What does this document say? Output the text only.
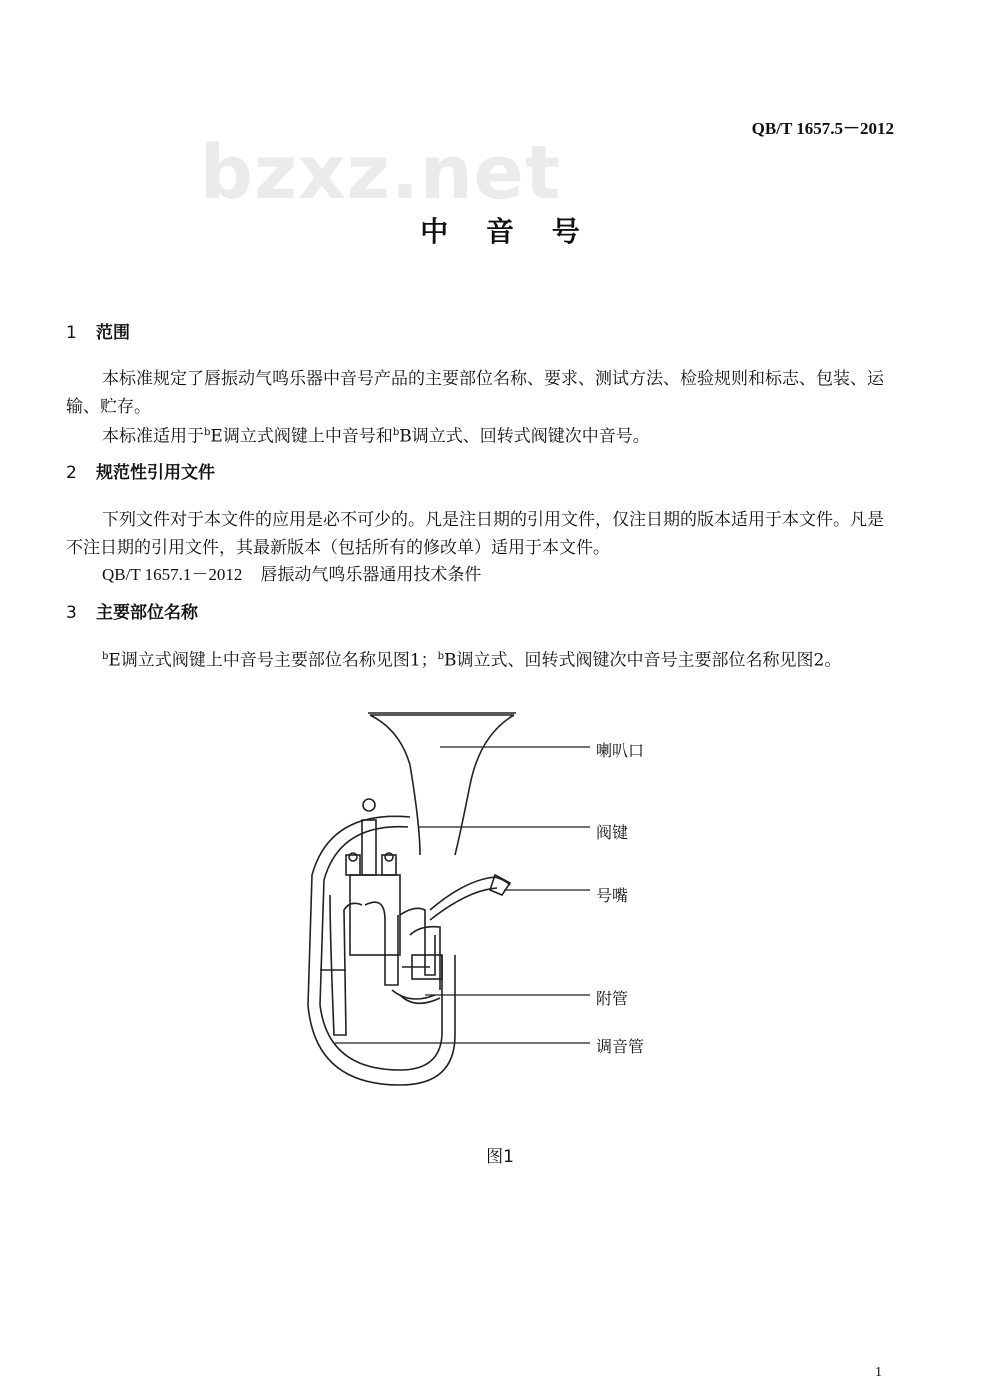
bzxz.net
QB/T 1657.5－2012
中 音 号
1 范围
本标准规定了唇振动气鸣乐器中音号产品的主要部位名称、要求、测试方法、检验规则和标志、包装、运输、贮存。
本标准适用于$^b$E调立式阀键上中音号和$^b$B调立式、回转式阀键次中音号。
2 规范性引用文件
下列文件对于本文件的应用是必不可少的。凡是注日期的引用文件，仅注日期的版本适用于本文件。凡是不注日期的引用文件，其最新版本（包括所有的修改单）适用于本文件。
QB/T 1657.1－2012 唇振动气鸣乐器通用技术条件
3 主要部位名称
$^b$E调立式阀键上中音号主要部位名称见图1；$^b$B调立式、回转式阀键次中音号主要部位名称见图2。
喇叭口
阀键
号嘴
附管
调音管
图1
1
